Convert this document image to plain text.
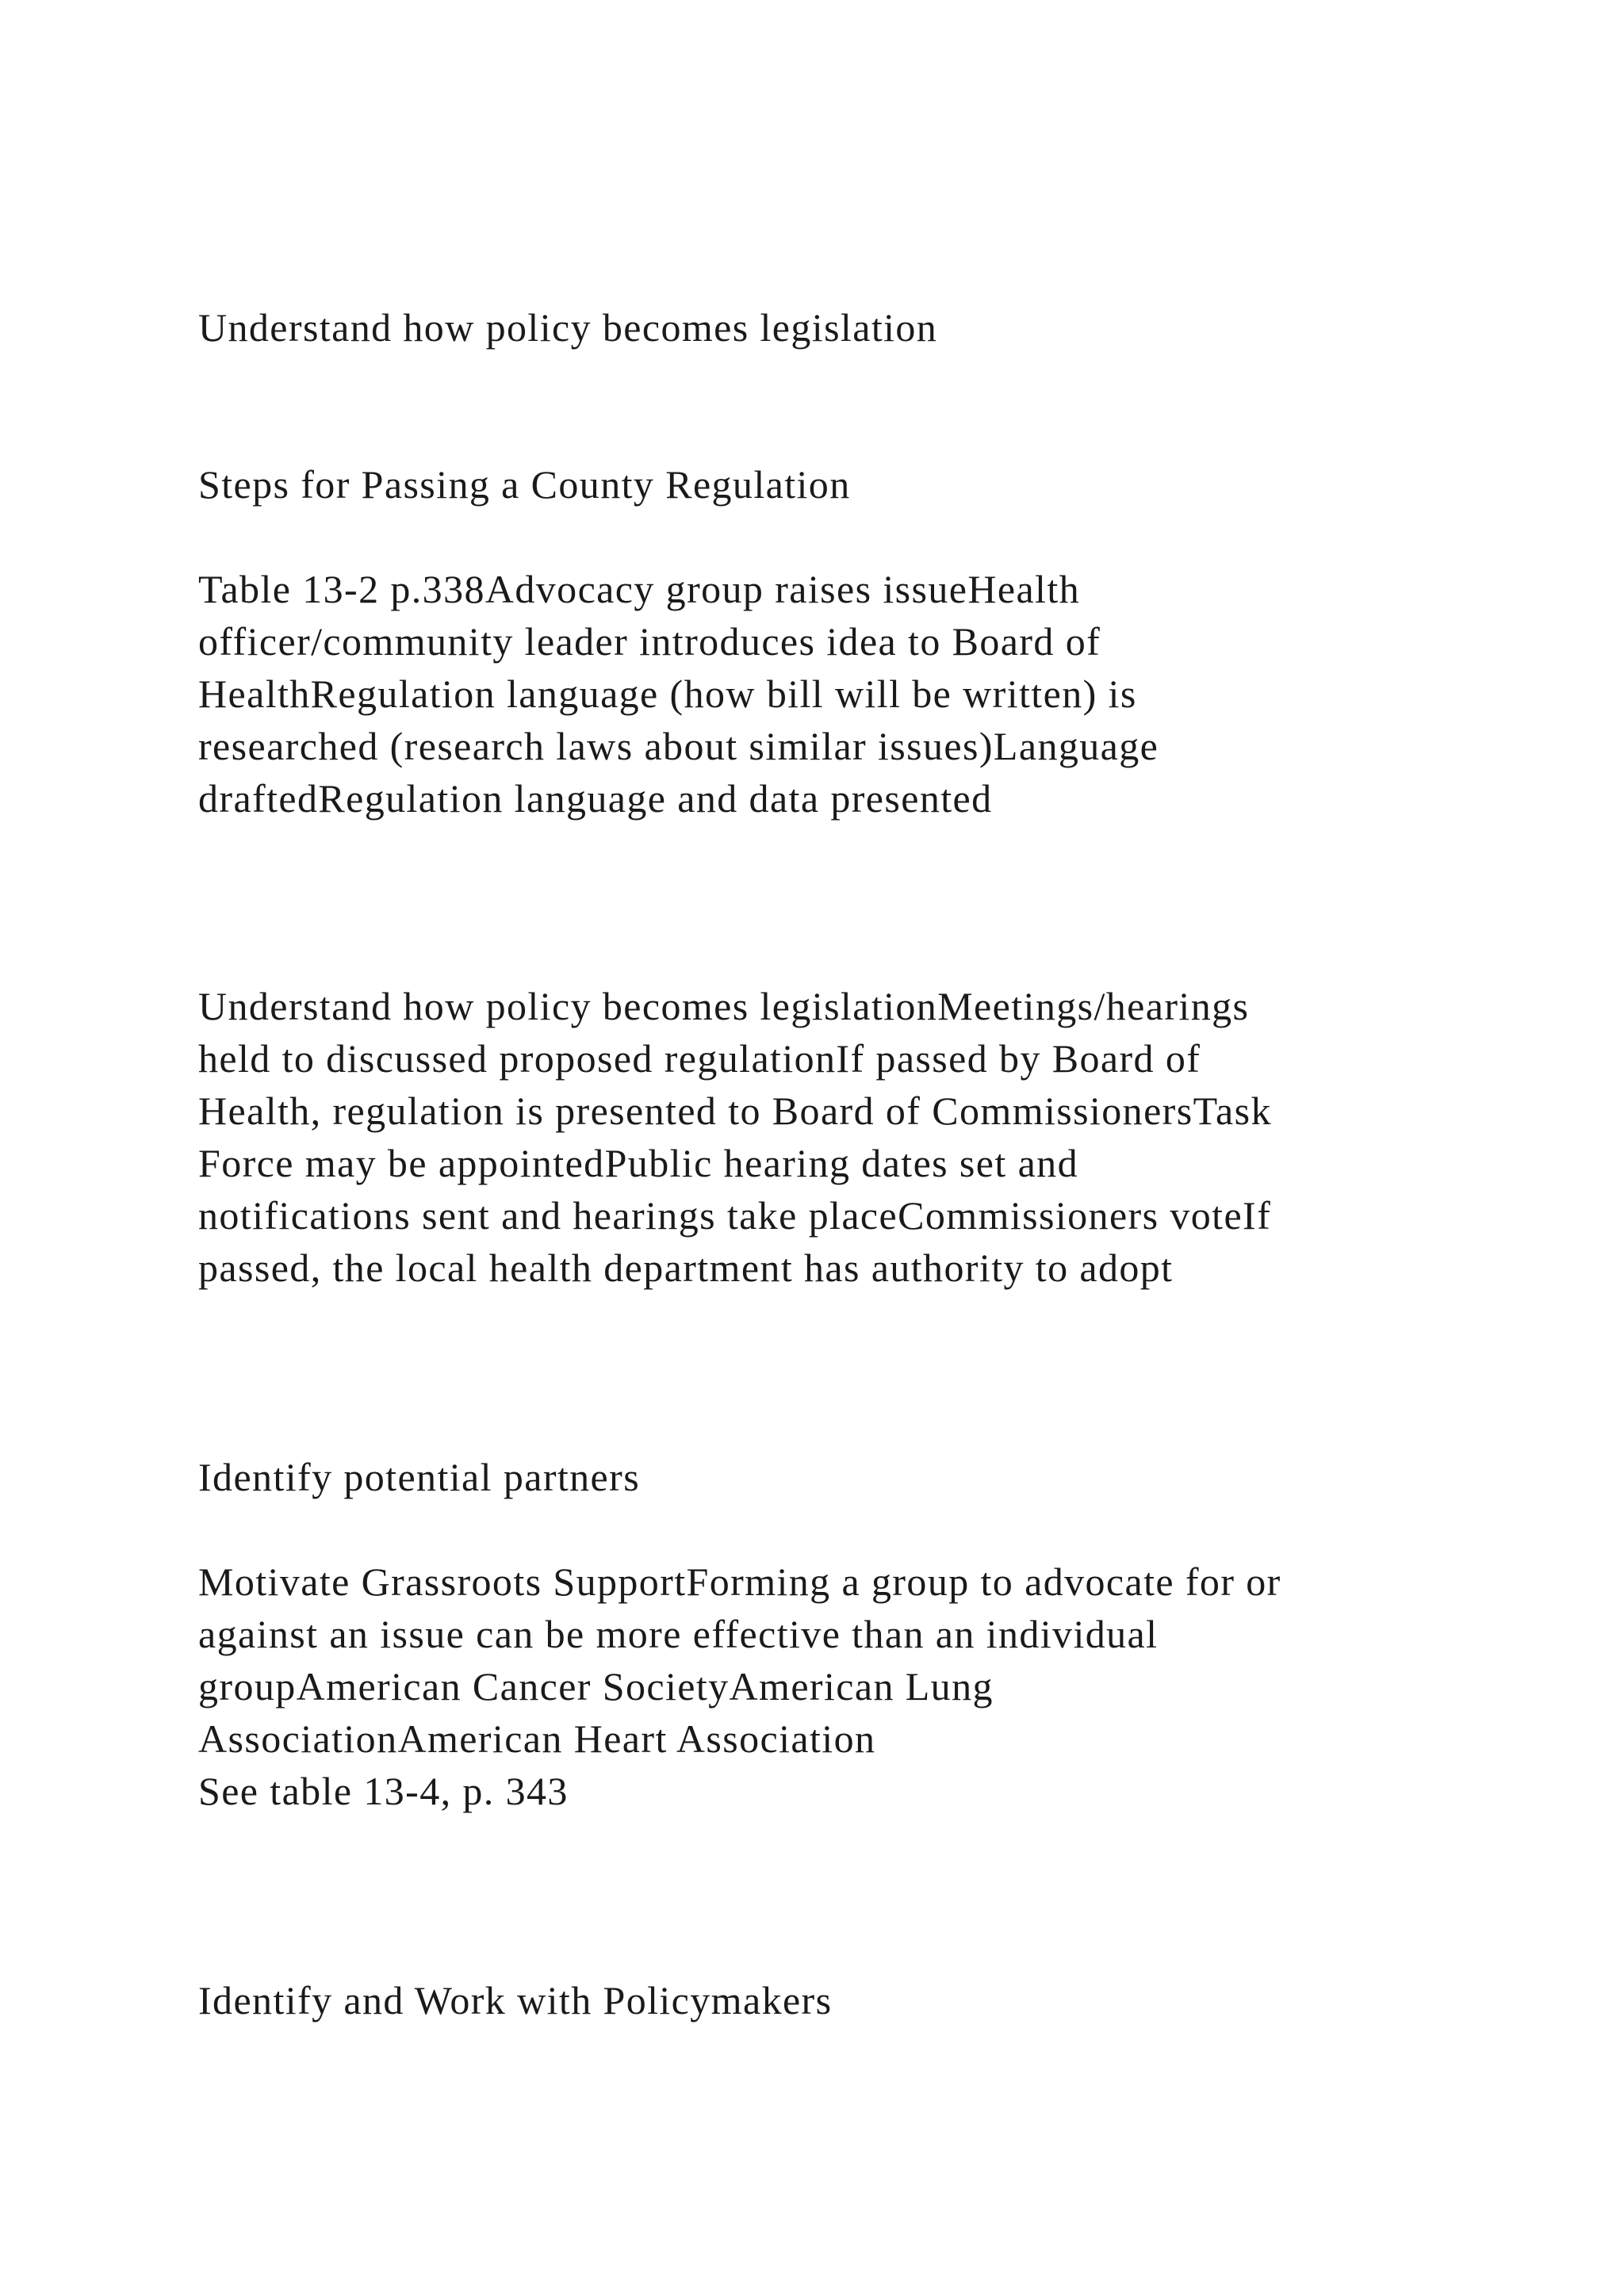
Understand how policy becomes legislation

Steps for Passing a County Regulation

Table 13-2 p.338Advocacy group raises issueHealth
officer/community leader introduces idea to Board of
HealthRegulation language (how bill will be written) is
researched (research laws about similar issues)Language
draftedRegulation language and data presented

Understand how policy becomes legislationMeetings/hearings
held to discussed proposed regulationIf passed by Board of
Health, regulation is presented to Board of CommissionersTask
Force may be appointedPublic hearing dates set and
notifications sent and hearings take placeCommissioners voteIf
passed, the local health department has authority to adopt

Identify potential partners

Motivate Grassroots SupportForming a group to advocate for or
against an issue can be more effective than an individual
groupAmerican Cancer SocietyAmerican Lung
AssociationAmerican Heart Association
See table 13-4, p. 343

Identify and Work with Policymakers
